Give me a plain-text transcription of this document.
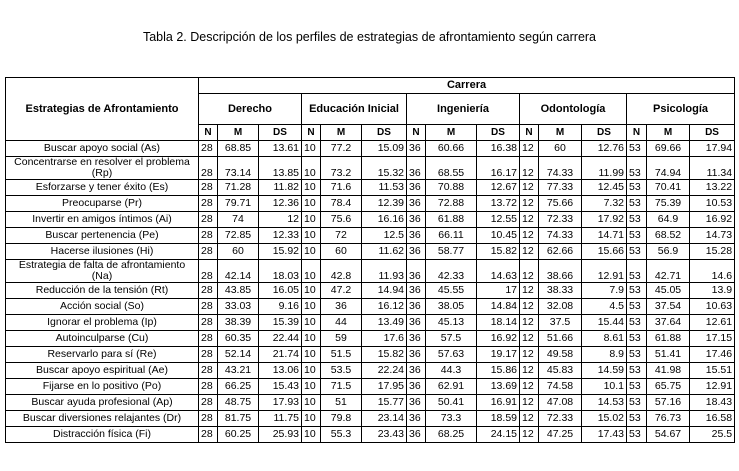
Tabla 2. Descripción de los perfiles de estrategias de afrontamiento según carrera
Estrategias de Afrontamiento	Carrera														
	Derecho			Educación Inicial			Ingeniería			Odontología			Psicología		
	N	M	DS	N	M	DS	N	M	DS	N	M	DS	N	M	DS
Buscar apoyo social (As)	28	68.85	13.61	10	77.2	15.09	36	60.66	16.38	12	60	12.76	53	69.66	17.94
Concentrarse en resolver el problema (Rp)	28	73.14	13.85	10	73.2	15.32	36	68.55	16.17	12	74.33	11.99	53	74.94	11.34
Esforzarse y tener éxito (Es)	28	71.28	11.82	10	71.6	11.53	36	70.88	12.67	12	77.33	12.45	53	70.41	13.22
Preocuparse (Pr)	28	79.71	12.36	10	78.4	12.39	36	72.88	13.72	12	75.66	7.32	53	75.39	10.53
Invertir en amigos íntimos (Ai)	28	74	12	10	75.6	16.16	36	61.88	12.55	12	72.33	17.92	53	64.9	16.92
Buscar pertenencia (Pe)	28	72.85	12.33	10	72	12.5	36	66.11	10.45	12	74.33	14.71	53	68.52	14.73
Hacerse ilusiones (Hi)	28	60	15.92	10	60	11.62	36	58.77	15.82	12	62.66	15.66	53	56.9	15.28
Estrategia de falta de afrontamiento (Na)	28	42.14	18.03	10	42.8	11.93	36	42.33	14.63	12	38.66	12.91	53	42.71	14.6
Reducción de la tensión (Rt)	28	43.85	16.05	10	47.2	14.94	36	45.55	17	12	38.33	7.9	53	45.05	13.9
Acción social (So)	28	33.03	9.16	10	36	16.12	36	38.05	14.84	12	32.08	4.5	53	37.54	10.63
Ignorar el problema (Ip)	28	38.39	15.39	10	44	13.49	36	45.13	18.14	12	37.5	15.44	53	37.64	12.61
Autoinculparse (Cu)	28	60.35	22.44	10	59	17.6	36	57.5	16.92	12	51.66	8.61	53	61.88	17.15
Reservarlo para sí (Re)	28	52.14	21.74	10	51.5	15.82	36	57.63	19.17	12	49.58	8.9	53	51.41	17.46
Buscar apoyo espiritual (Ae)	28	43.21	13.06	10	53.5	22.24	36	44.3	15.86	12	45.83	14.59	53	41.98	15.51
Fijarse en lo positivo (Po)	28	66.25	15.43	10	71.5	17.95	36	62.91	13.69	12	74.58	10.1	53	65.75	12.91
Buscar ayuda profesional (Ap)	28	48.75	17.93	10	51	15.77	36	50.41	16.91	12	47.08	14.53	53	57.16	18.43
Buscar diversiones relajantes (Dr)	28	81.75	11.75	10	79.8	23.14	36	73.3	18.59	12	72.33	15.02	53	76.73	16.58
Distracción física (Fi)	28	60.25	25.93	10	55.3	23.43	36	68.25	24.15	12	47.25	17.43	53	54.67	25.5
